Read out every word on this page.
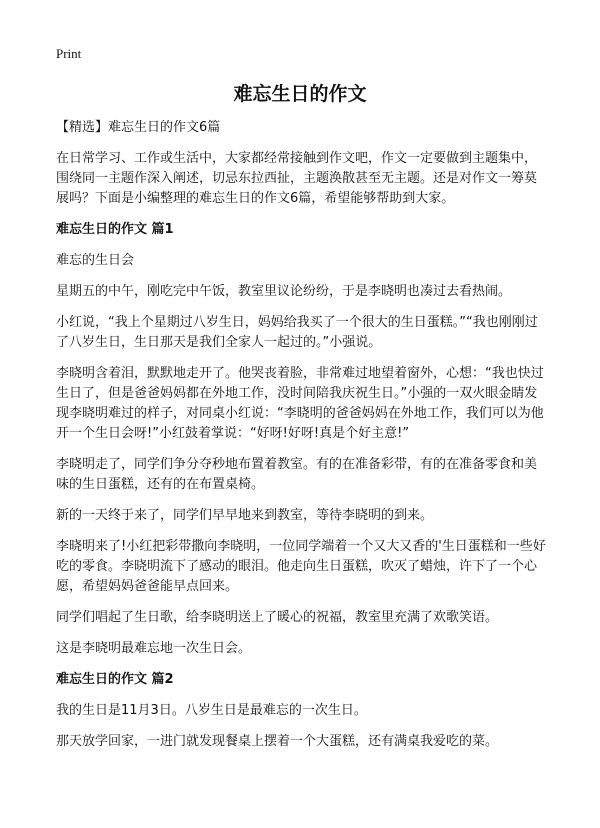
Print
难忘生日的作文

【精选】难忘生日的作文6篇

在日常学习、工作或生活中，大家都经常接触到作文吧，作文一定要做到主题集中，围绕同一主题作深入阐述，切忌东拉西扯，主题涣散甚至无主题。还是对作文一筹莫展吗？下面是小编整理的难忘生日的作文6篇，希望能够帮助到大家。

难忘生日的作文 篇1

难忘的生日会

星期五的中午，刚吃完中午饭，教室里议论纷纷，于是李晓明也凑过去看热闹。

小红说，“我上个星期过八岁生日，妈妈给我买了一个很大的生日蛋糕。”“我也刚刚过了八岁生日，生日那天是我们全家人一起过的。”小强说。

李晓明含着泪，默默地走开了。他哭丧着脸，非常难过地望着窗外，心想：“我也快过生日了，但是爸爸妈妈都在外地工作，没时间陪我庆祝生日。”小强的一双火眼金睛发现李晓明难过的样子，对同桌小红说：“李晓明的爸爸妈妈在外地工作，我们可以为他开一个生日会呀!”小红鼓着掌说：“好呀!好呀!真是个好主意!”

李晓明走了，同学们争分夺秒地布置着教室。有的在准备彩带，有的在准备零食和美味的生日蛋糕，还有的在布置桌椅。

新的一天终于来了，同学们早早地来到教室，等待李晓明的到来。

李晓明来了!小红把彩带撒向李晓明，一位同学端着一个又大又香的'生日蛋糕和一些好吃的零食。李晓明流下了感动的眼泪。他走向生日蛋糕，吹灭了蜡烛，许下了一个心愿，希望妈妈爸爸能早点回来。

同学们唱起了生日歌，给李晓明送上了暖心的祝福，教室里充满了欢歌笑语。

这是李晓明最难忘地一次生日会。

难忘生日的作文 篇2

我的生日是11月3日。八岁生日是最难忘的一次生日。

那天放学回家，一进门就发现餐桌上摆着一个大蛋糕，还有满桌我爱吃的菜。
